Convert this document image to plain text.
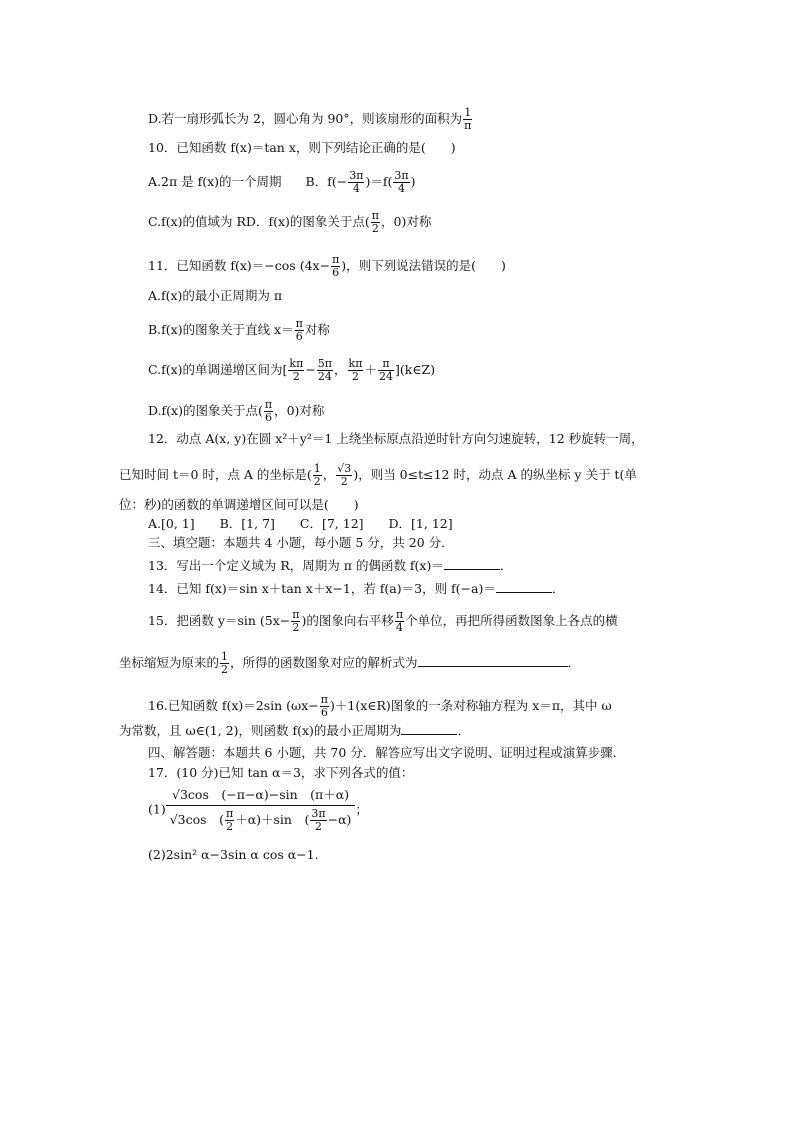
D.若一扇形弧长为 2，圆心角为 90°，则该扇形的面积为 $\frac{1}{\pi}$
10．已知函数 f(x)＝tan x，则下列结论正确的是(　　)
A.2π 是 f(x)的一个周期 B．$f(- \frac{3\pi}{4} )=f( \frac{3\pi}{4}$ )
C.f(x)的值域为 RD．f(x)的图象关于点( $\frac{\pi}{2}$ ，0)对称
11．已知函数 f(x)＝−cos ($4x- \frac{\pi}{6}$ )，则下列说法错误的是(　　)
A.f(x)的最小正周期为 π
B.f(x)的图象关于直线 $x= \frac{\pi}{6}$ 对称
C.f(x)的单调递增区间为[ $\frac{k\pi}{2} - \frac{5\pi}{24}$ ， $\frac{k\pi}{2} + \frac{\pi}{24}$ ](k∈Z)
D.f(x)的图象关于点( $\frac{\pi}{6}$ ，0)对称
12．动点 A(x, y)在圆 x²＋y²＝1 上绕坐标原点沿逆时针方向匀速旋转，12 秒旋转一周，
已知时间 t＝0 时，点 A 的坐标是( $\frac{1}{2}$ ， $\frac{√3}{2}$ )，则当 0≤t≤12 时，动点 A 的纵坐标 y 关于 t(单
位：秒)的函数的单调递增区间可以是(　　)
A.[0, 1]　　B．[1, 7]　　C．[7, 12]　　D．[1, 12]
三、填空题：本题共 4 小题，每小题 5 分，共 20 分．
13．写出一个定义域为 R，周期为 π 的偶函数 f(x)＝	．
14．已知 f(x)＝sin x＋tan x＋x−1，若 f(a)＝3，则 f(−a)＝	．
15．把函数 y＝sin ($5x- \frac{\pi}{2}$ )的图象向右平移 $\frac{\pi}{4}$ 个单位，再把所得函数图象上各点的横
坐标缩短为原来的 $\frac{1}{2}$ ，所得的函数图象对应的解析式为	．
16.已知函数 f(x)＝2sin ($\omega x- \frac{\pi}{6}$ )＋1(x∈R)图象的一条对称轴方程为 x＝π，其中 ω
为常数，且 ω∈(1, 2)，则函数 f(x)的最小正周期为	．
四、解答题：本题共 6 小题，共 70 分．解答应写出文字说明、证明过程或演算步骤．
17．(10 分)已知 tan α＝3，求下列各式的值：
$(1) \frac{√3\cos (-\pi-\alpha)-\sin (\pi+\alpha)}{√3\cos ( \frac{\pi}{2} +\alpha)+\sin ( \frac{3\pi}{2} -\alpha)}$ ；
(2)2sin² α−3sin α cos α−1.
